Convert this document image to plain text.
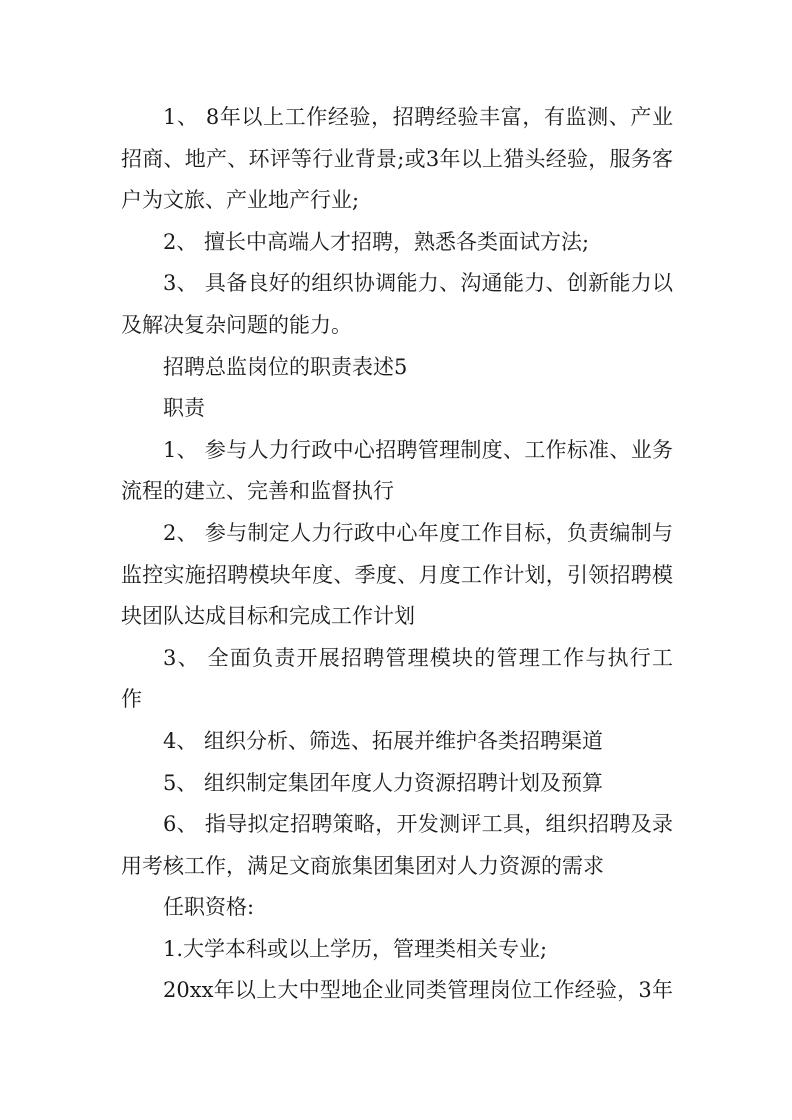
1、 8年以上工作经验，招聘经验丰富，有监测、产业
招商、地产、环评等行业背景;或3年以上猎头经验，服务客
户为文旅、产业地产行业;
2、 擅长中高端人才招聘，熟悉各类面试方法;
3、 具备良好的组织协调能力、沟通能力、创新能力以
及解决复杂问题的能力。
招聘总监岗位的职责表述5
职责
1、 参与人力行政中心招聘管理制度、工作标准、业务
流程的建立、完善和监督执行
2、 参与制定人力行政中心年度工作目标，负责编制与
监控实施招聘模块年度、季度、月度工作计划，引领招聘模
块团队达成目标和完成工作计划
3、 全面负责开展招聘管理模块的管理工作与执行工
作
4、 组织分析、筛选、拓展并维护各类招聘渠道
5、 组织制定集团年度人力资源招聘计划及预算
6、 指导拟定招聘策略，开发测评工具，组织招聘及录
用考核工作，满足文商旅集团集团对人力资源的需求
任职资格:
1.大学本科或以上学历，管理类相关专业;
20xx年以上大中型地企业同类管理岗位工作经验，3年
